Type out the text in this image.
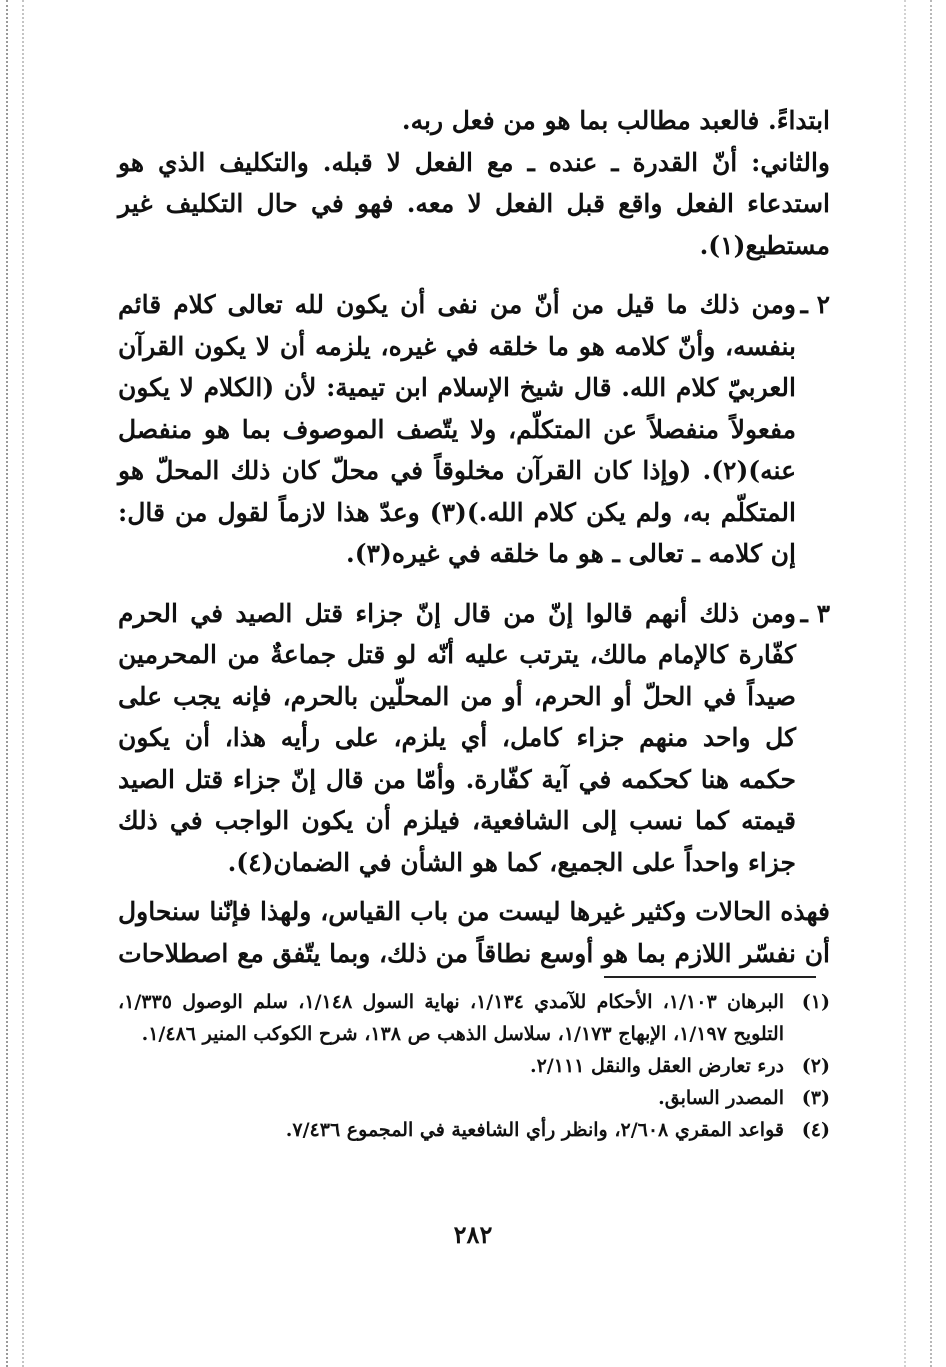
ابتداءً. فالعبد مطالب بما هو من فعل ربه.

والثاني: أنّ القدرة ـ عنده ـ مع الفعل لا قبله. والتكليف الذي هو استدعاء الفعل واقع قبل الفعل لا معه. فهو في حال التكليف غير مستطيع(١).

٢ ـ

ومن ذلك ما قيل من أنّ من نفى أن يكون لله تعالى كلام قائم بنفسه، وأنّ كلامه هو ما خلقه في غيره، يلزمه أن لا يكون القرآن العربيّ كلام الله. قال شيخ الإسلام ابن تيمية: لأن (الكلام لا يكون مفعولاً منفصلاً عن المتكلّم، ولا يتّصف الموصوف بما هو منفصل عنه)(٢). (وإذا كان القرآن مخلوقاً في محلّ كان ذلك المحلّ هو المتكلّم به، ولم يكن كلام الله.)(٣) وعدّ هذا لازماً لقول من قال: إن كلامه ـ تعالى ـ هو ما خلقه في غيره(٣).

٣ ـ

ومن ذلك أنهم قالوا إنّ من قال إنّ جزاء قتل الصيد في الحرم كفّارة كالإمام مالك، يترتب عليه أنّه لو قتل جماعةٌ من المحرمين صيداً في الحلّ أو الحرم، أو من المحلّين بالحرم، فإنه يجب على كل واحد منهم جزاء كامل، أي يلزم، على رأيه هذا، أن يكون حكمه هنا كحكمه في آية كفّارة. وأمّا من قال إنّ جزاء قتل الصيد قيمته كما نسب إلى الشافعية، فيلزم أن يكون الواجب في ذلك جزاء واحداً على الجميع، كما هو الشأن في الضمان(٤).

فهذه الحالات وكثير غيرها ليست من باب القياس، ولهذا فإنّنا سنحاول أن نفسّر اللازم بما هو أوسع نطاقاً من ذلك، وبما يتّفق مع اصطلاحات

(١)

البرهان ١/١٠٣، الأحكام للآمدي ١/١٣٤، نهاية السول ١/١٤٨، سلم الوصول ١/٣٣٥، التلويح ١/١٩٧، الإبهاج ١/١٧٣، سلاسل الذهب ص ١٣٨، شرح الكوكب المنير ١/٤٨٦.

(٢)

درء تعارض العقل والنقل ٢/١١١.

(٣)

المصدر السابق.

(٤)

قواعد المقري ٢/٦٠٨، وانظر رأي الشافعية في المجموع ٧/٤٣٦.

٢٨٢
